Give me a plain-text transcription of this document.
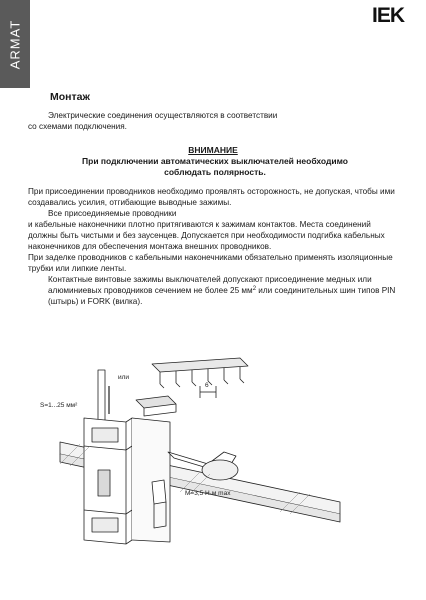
ARMAT
IEK
Монтаж
Электрические соединения осуществляются в соответствии
со схемами подключения.
ВНИМАНИЕ
При подключении автоматических выключателей необходимо соблюдать полярность.

При присоединении проводников необходимо проявлять осторожность, не допуская, чтобы ими создавались усилия, отгибающие выводные зажимы.

Все присоединяемые проводники

и кабельные наконечники плотно притягиваются к зажимам контактов. Места соединений должны быть чистыми и без заусенцев. Допускается при необходимости подгибка кабельных наконечников для обеспечения монтажа внешних проводников.

При заделке проводников с кабельными наконечниками обязательно применять изоляционные трубки или липкие ленты.

Контактные винтовые зажимы выключателей допускают присоединение медных или алюминиевых проводников сечением не более 25 $мм^2$ или соединительных шин типов PIN (штырь) и FORK (вилка).

или
S=1...25 мм²
6
M=3,5 Н·м max
